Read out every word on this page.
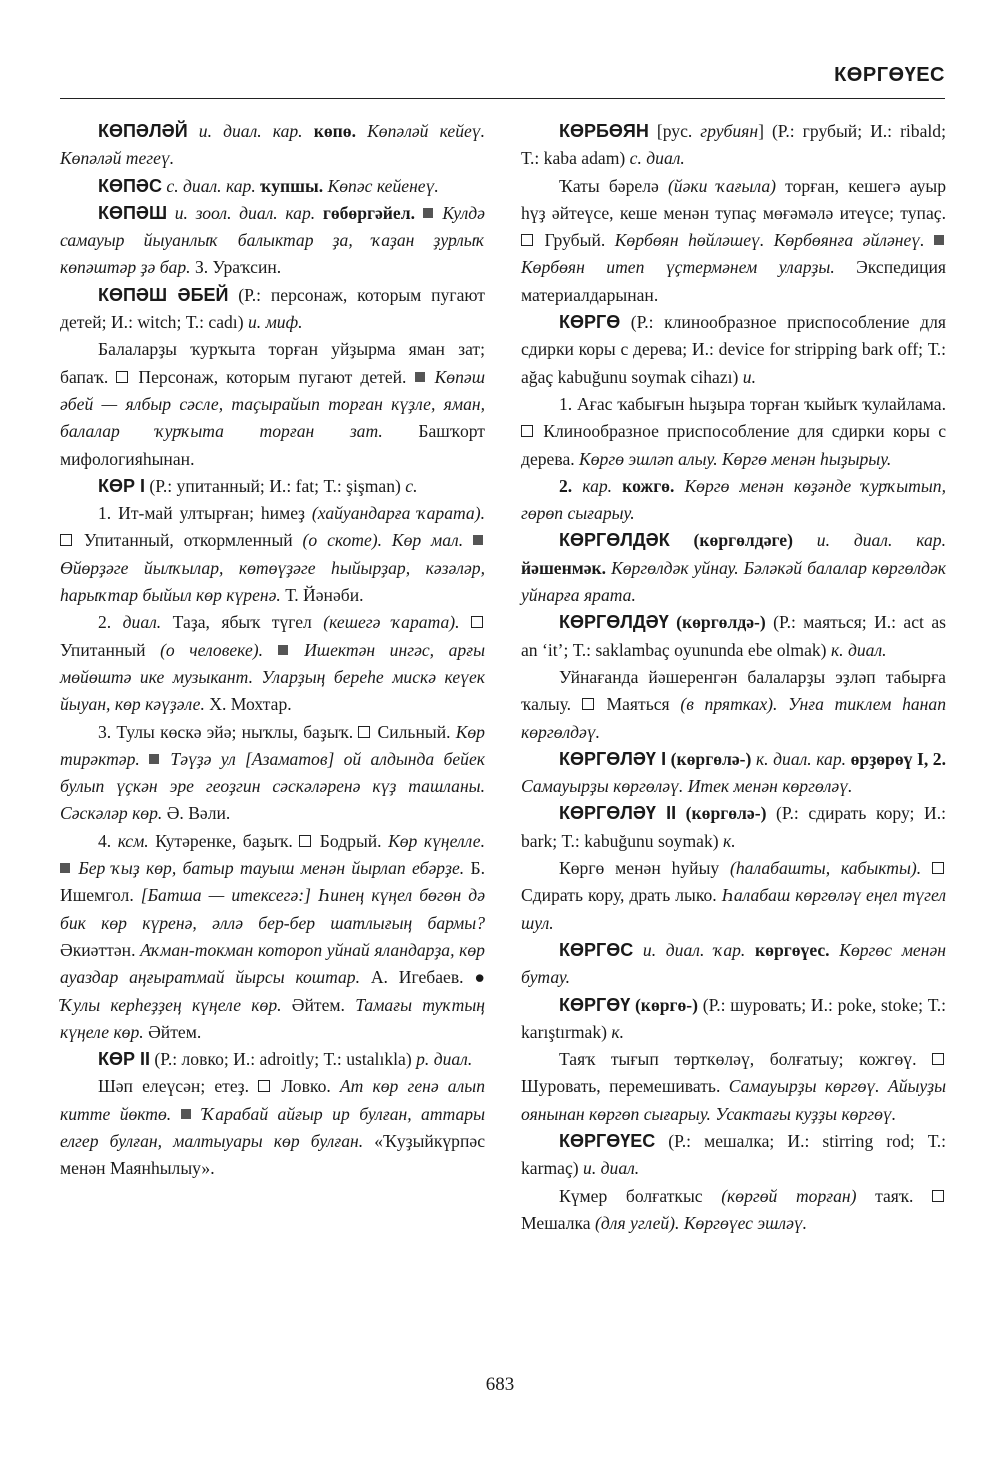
КӨРГӨҮЕС

КӨПӘЛӘЙ и. диал. кар. көпө. Көпәләй кейеү. Көпәләй тегеү.

КӨПӘС с. диал. кар. ҡупшы. Көпәс кейенеү.

КӨПӘШ и. зоол. диал. кар. гөбөргәйел.  Кулдә самауыр йыуанлыҡ балыктар ҙа, ҡаҙан ҙурлыҡ көпәштәр ҙә бар. З. Ураҡсин.

КӨПӘШ ӘБЕЙ (Р.: персонаж, которым пугают детей; И.: witch; Т.: cadı) и. миф.

Балаларҙы ҡурҡыта торған уйҙырма яман зат; бапаҡ.  Персонаж, которым пугают детей.  Көпәш әбей — ялбыр сәсле, таҫырайып торған күҙле, яман, балалар ҡурҡыта торған зат. Башҡорт мифологияһынан.

КӨР I (Р.: упитанный; И.: fat; Т.: şişman) с.

1. Ит-май ултырған; һимеҙ (хайуандарға ҡарата).  Упитанный, откормленный (о скоте). Көр мал.  Өйөрҙәге йылҡылар, көтөүҙәге һыйырҙар, кәзәләр, һарыҡтар быйыл көр күренә. Т. Йәнәби.

2. диал. Таҙа, ябыҡ түгел (кешегә ҡарата).  Упитанный (о человеке).  Ишектән ингәс, арғы мөйөштә ике музыкант. Уларҙың береһе мискә кеүек йыуан, көр кәүҙәле. Х. Мохтар.

3. Тулы көскә эйә; ныҡлы, баҙыҡ.  Сильный. Көр тирәктәр.  Тәүҙә ул [Азаматов] ой алдында бейек булып үҫкән эре геоҙгин сәскәләренә күҙ ташланы. Сәскәләр көр. Ә. Вәли.

4. ксм. Кутәренке, баҙыҡ.  Бодрый. Көр күңелле.  Бер ҡыҙ көр, батыр тауыш менән йырлап ебәрҙе. Б. Ишемгол. [Батша — итексегә:] Һинең күңел бөгөн дә бик көр күренә, әллә бер-бер шатлығың бармы? Әкиәттән. Аҡман-токман котороп уйнай яландарҙа, көр ауаздар аңғыратмай йырсы коштар. А. Игебаев. ● Ҡулы керһеҙҙең күңеле көр. Әйтем. Тамағы туҡтың күңеле көр. Әйтем.

КӨР II (Р.: ловко; И.: adroitly; Т.: ustalıkla) р. диал.

Шәп елеүсән; етеҙ.  Ловко. Ат көр генә алып китте йөктө.  Ҡарабай айғыр ир булған, аттары елгер булған, малтыуары көр булған. «Ҡуҙыйкүрпәс менән Маянһылыу».

КӨРБӨЯН [рус. грубиян] (Р.: грубый; И.: ribald; Т.: kaba adam) с. диал.

Ҡаты бәрелә (йәки ҡағыла) торған, кешегә ауыр һүҙ әйтеүсе, кеше менән тупаҫ мөғәмәлә итеүсе; тупаҫ.  Грубый. Көрбөян һөйләшеү. Көрбөянға әйләнеү.  Көрбөян итеп үҫтермәнем уларҙы. Экспедиция материалдарынан.

КӨРГӨ (Р.: клинообразное приспособление для сдирки коры с дерева; И.: device for stripping bark off; Т.: ağaç kabuğunu soymak cihazı) и.

1. Ағас ҡабығын һыҙыра торған ҡыйыҡ ҡулайлама.  Клинообразное приспособление для сдирки коры с дерева. Көргө эшләп алыу. Көргө менән һыҙырыу.

2. кар. кожгө. Көргө менән көҙәнде ҡурҡытып, гөрөп сығарыу.

КӨРГӨЛДӘК (көргөлдәге) и. диал. кар. йәшенмәк. Көргөлдәк уйнау. Бәләкәй балалар көргөлдәк уйнарға ярата.

КӨРГӨЛДӘҮ (көргөлдә-) (Р.: маяться; И.: act as an ‘it’; Т.: saklambaç oyununda ebe olmak) к. диал.

Уйнағанда йәшеренгән балаларҙы эҙләп табырға ҡалыу.  Маяться (в прятках). Унға тиклем һанап көргөлдәү.

КӨРГӨЛӘҮ I (көргөлә-) к. диал. кар. өрҙөрөү I, 2. Самауырҙы көргөләү. Итек менән көргөләү.

КӨРГӨЛӘҮ II (көргөлә-) (Р.: сдирать кору; И.: bark; Т.: kabuğunu soymak) к.

Көргө менән һуйыу (һалабашты, кабыкты).  Сдирать кору, драть лыко. Һалабаш көргөләү еңел түгел шул.

КӨРГӨС и. диал. ҡар. көргөүес. Көргөс менән бутау.

КӨРГӨҮ (көргө-) (Р.: шуровать; И.: poke, stoke; Т.: karıştırmak) к.

Таяҡ тығып төрткөләү, болғатыу; кожгөү.  Шуровать, перемешивать. Самауырҙы көргөү. Айыуҙы оянынан көргөп сығарыу. Усактағы куҙҙы көргөү.

КӨРГӨҮЕС (Р.: мешалка; И.: stirring rod; Т.: karmaç) и. диал.

Күмер болғаткыс (көргөй торған) таяҡ.  Мешалка (для углей). Көргөүес эшләү.

683
